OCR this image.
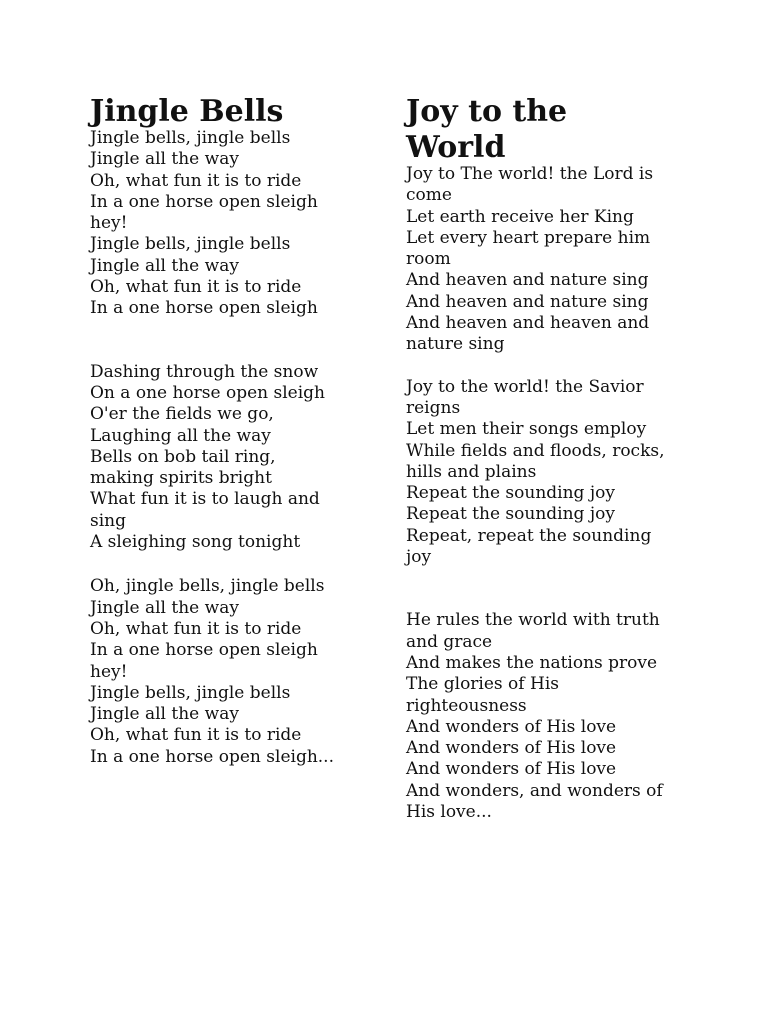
Jingle Bells
Jingle bells, jingle bells
Jingle all the way
Oh, what fun it is to ride
In a one horse open sleigh
hey!
Jingle bells, jingle bells
Jingle all the way
Oh, what fun it is to ride
In a one horse open sleigh
Dashing through the snow
On a one horse open sleigh
O'er the fields we go,
Laughing all the way
Bells on bob tail ring,
making spirits bright
What fun it is to laugh and
sing
A sleighing song tonight
Oh, jingle bells, jingle bells
Jingle all the way
Oh, what fun it is to ride
In a one horse open sleigh
hey!
Jingle bells, jingle bells
Jingle all the way
Oh, what fun it is to ride
In a one horse open sleigh...
Joy to the
World
Joy to The world! the Lord is
come
Let earth receive her King
Let every heart prepare him
room
And heaven and nature sing
And heaven and nature sing
And heaven and heaven and
nature sing
Joy to the world! the Savior
reigns
Let men their songs employ
While fields and floods, rocks,
hills and plains
Repeat the sounding joy
Repeat the sounding joy
Repeat, repeat the sounding
joy
He rules the world with truth
and grace
And makes the nations prove
The glories of His
righteousness
And wonders of His love
And wonders of His love
And wonders of His love
And wonders, and wonders of
His love...
